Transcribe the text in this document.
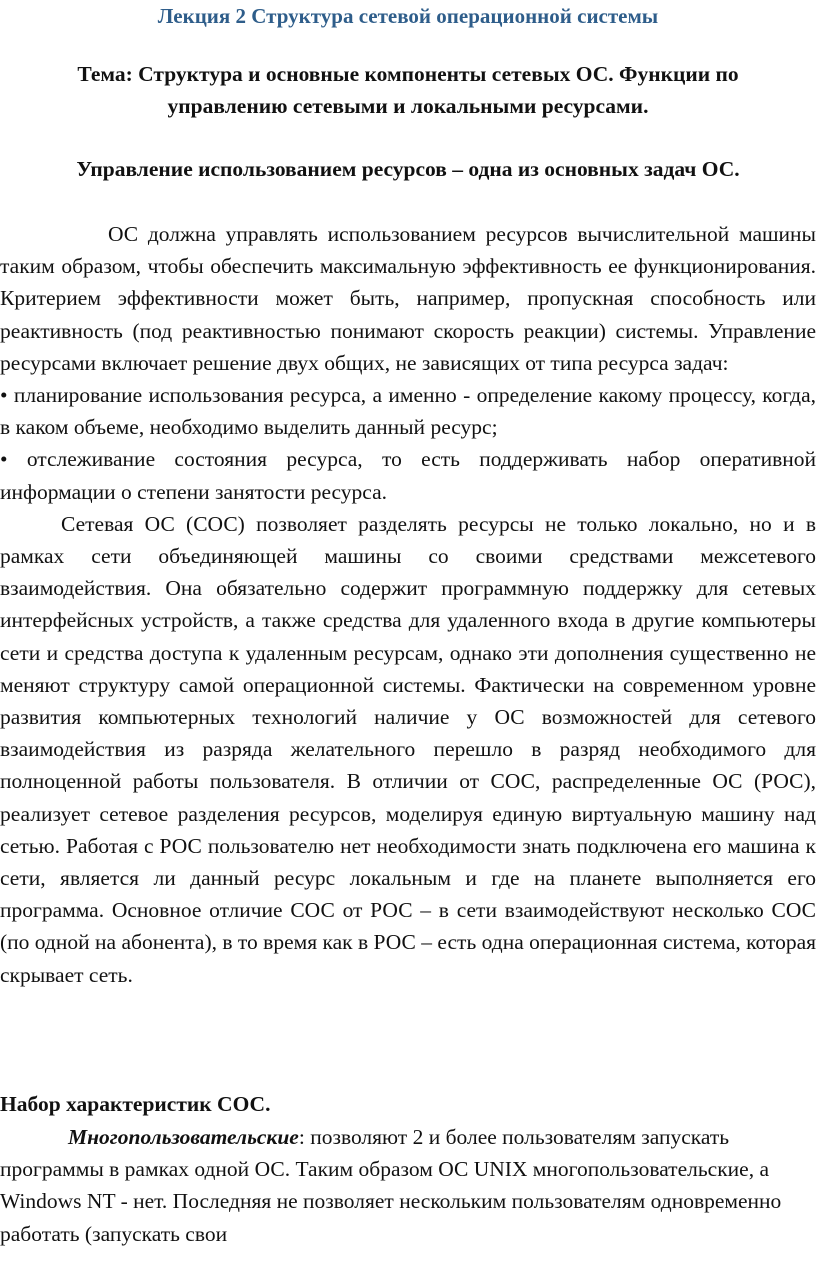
Лекция 2 Структура сетевой операционной системы
Тема: Структура и основные компоненты сетевых ОС. Функции по управлению сетевыми и локальными ресурсами.
Управление использованием ресурсов – одна из основных задач ОС.

ОС должна управлять использованием ресурсов вычислительной машины таким образом, чтобы обеспечить максимальную эффективность ее функционирования. Критерием эффективности может быть, например, пропускная способность или реактивность (под реактивностью понимают скорость реакции) системы. Управление ресурсами включает решение двух общих, не зависящих от типа ресурса задач:

• планирование использования ресурса, а именно - определение какому процессу, когда, в каком объеме, необходимо выделить данный ресурс;

• отслеживание состояния ресурса, то есть поддерживать набор оперативной информации о степени занятости ресурса.

Сетевая ОС (СОС) позволяет разделять ресурсы не только локально, но и в рамках сети объединяющей машины со своими средствами межсетевого взаимодействия. Она обязательно содержит программную поддержку для сетевых интерфейсных устройств, а также средства для удаленного входа в другие компьютеры сети и средства доступа к удаленным ресурсам, однако эти дополнения существенно не меняют структуру самой операционной системы. Фактически на современном уровне развития компьютерных технологий наличие у ОС возможностей для сетевого взаимодействия из разряда желательного перешло в разряд необходимого для полноценной работы пользователя. В отличии от СОС, распределенные ОС (РОС), реализует сетевое разделения ресурсов, моделируя единую виртуальную машину над сетью. Работая с РОС пользователю нет необходимости знать подключена его машина к сети, является ли данный ресурс локальным и где на планете выполняется его программа. Основное отличие СОС от РОС – в сети взаимодействуют несколько СОС (по одной на абонента), в то время как в РОС – есть одна операционная система, которая скрывает сеть.

Набор характеристик СОС.

Многопользовательские: позволяют 2 и более пользователям запускать программы в рамках одной ОС. Таким образом ОС UNIX многопользовательские, а Windows NT - нет. Последняя не позволяет нескольким пользователям одновременно работать (запускать свои
